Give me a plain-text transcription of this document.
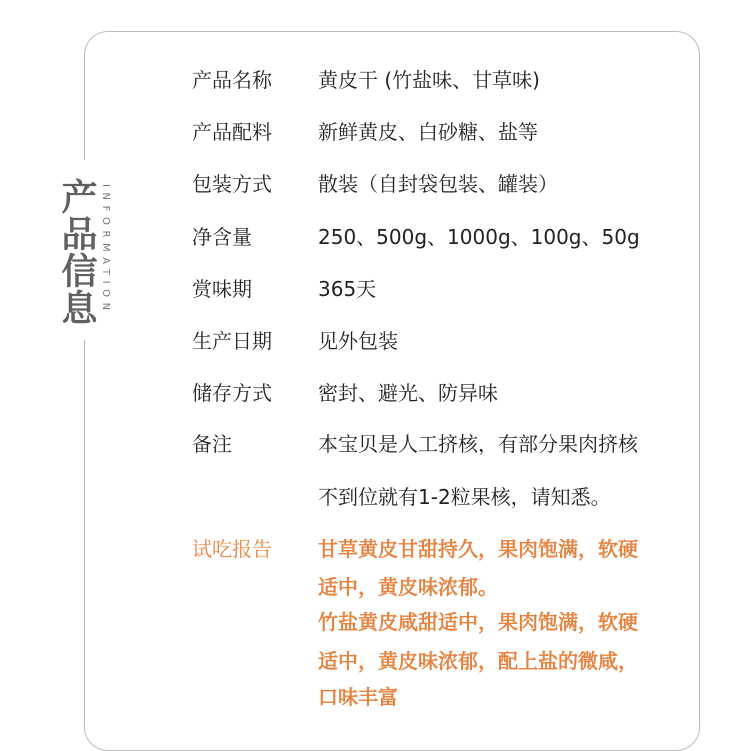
产品信息 INFORMATION
产品名称 黄皮干 (竹盐味、甘草味)
产品配料 新鲜黄皮、白砂糖、盐等
包装方式 散装（自封袋包装、罐装）
净含量	250、500g、1000g、100g、50g
赏味期	365天
生产日期 见外包装
储存方式 密封、避光、防异味
备注	本宝贝是人工挤核，有部分果肉挤核
不到位就有1-2粒果核，请知悉。
试吃报告 甘草黄皮甘甜持久，果肉饱满，软硬
适中，黄皮味浓郁。
竹盐黄皮咸甜适中，果肉饱满，软硬
适中，黄皮味浓郁，配上盐的微咸，
口味丰富
